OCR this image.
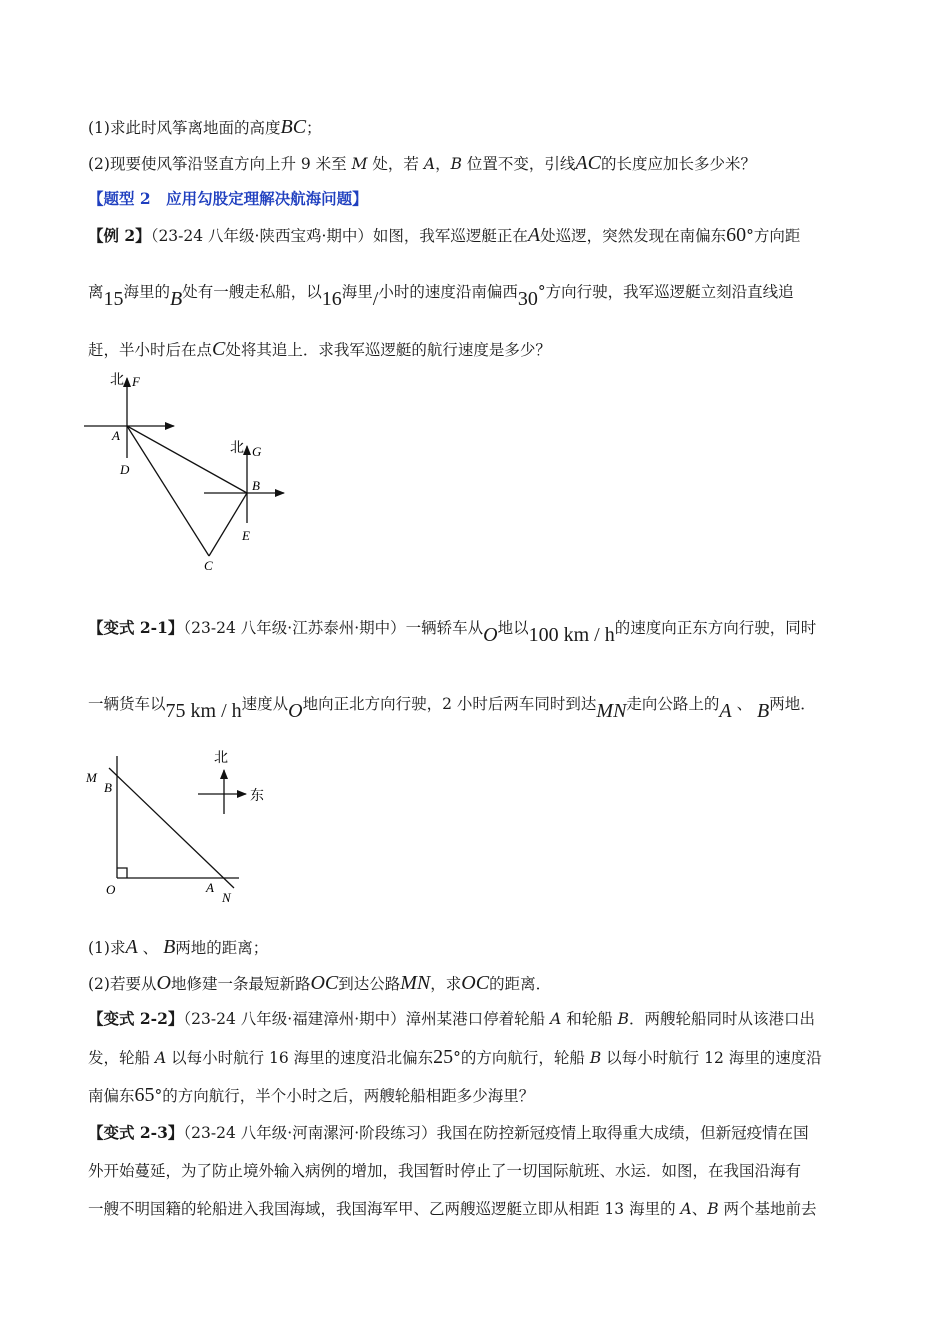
(1)求此时风筝离地面的高度BC；
(2)现要使风筝沿竖直方向上升 9 米至 M 处，若 A，B 位置不变，引线AC的长度应加长多少米？
【题型 2　应用勾股定理解决航海问题】
【例 2】（23-24 八年级·陕西宝鸡·期中）如图，我军巡逻艇正在A处巡逻，突然发现在南偏东60°方向距
离15海里的B处有一艘走私船，以16海里/小时的速度沿南偏西30°方向行驶，我军巡逻艇立刻沿直线追
赶，半小时后在点C处将其追上．求我军巡逻艇的航行速度是多少？
北 F
A
D
北 G
B
E
C
【变式 2-1】（23-24 八年级·江苏泰州·期中）一辆轿车从O地以100 km / h的速度向正东方向行驶，同时
一辆货车以75 km / h速度从O地向正北方向行驶，2 小时后两车同时到达MN走向公路上的A 、 B两地．
北
东
M
B
O	A
N
(1)求A 、 B两地的距离；
(2)若要从O地修建一条最短新路OC到达公路MN，求OC的距离．
【变式 2-2】（23-24 八年级·福建漳州·期中）漳州某港口停着轮船 A 和轮船 B．两艘轮船同时从该港口出
发，轮船 A 以每小时航行 16 海里的速度沿北偏东25°的方向航行，轮船 B 以每小时航行 12 海里的速度沿
南偏东65°的方向航行，半个小时之后，两艘轮船相距多少海里？
【变式 2-3】（23-24 八年级·河南漯河·阶段练习）我国在防控新冠疫情上取得重大成绩，但新冠疫情在国
外开始蔓延，为了防止境外输入病例的增加，我国暂时停止了一切国际航班、水运．如图，在我国沿海有
一艘不明国籍的轮船进入我国海域，我国海军甲、乙两艘巡逻艇立即从相距 13 海里的 A、B 两个基地前去
